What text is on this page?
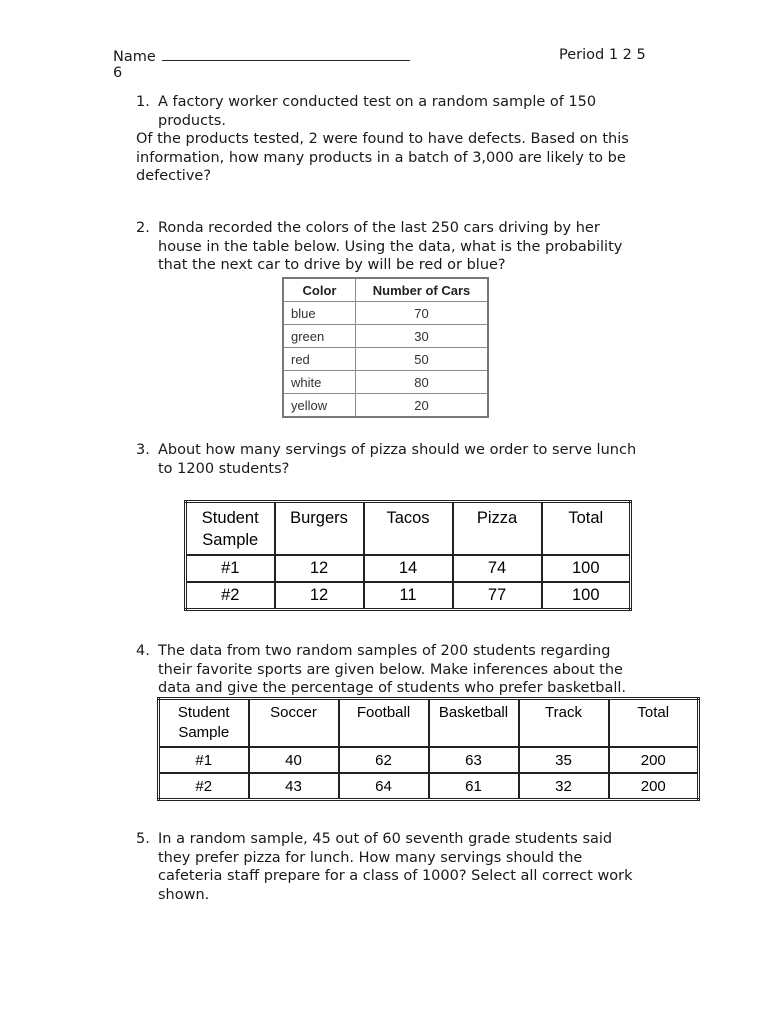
Name	Period 1 2 5
6
1. A factory worker conducted test on a random sample of 150
products.
Of the products tested, 2 were found to have defects. Based on this
information, how many products in a batch of 3,000 are likely to be
defective?
2. Ronda recorded the colors of the last 250 cars driving by her
house in the table below. Using the data, what is the probability
that the next car to drive by will be red or blue?
Color	Number of Cars
blue	70
green	30
red	50
white	80
yellow	20
3. About how many servings of pizza should we order to serve lunch
to 1200 students?
Student
Sample	Burgers	Tacos	Pizza	Total
#1	12	14	74	100
#2	12	11	77	100
4. The data from two random samples of 200 students regarding
their favorite sports are given below. Make inferences about the
data and give the percentage of students who prefer basketball.
Student
Sample	Soccer	Football	Basketball	Track	Total
#1	40	62	63	35	200
#2	43	64	61	32	200
5. In a random sample, 45 out of 60 seventh grade students said
they prefer pizza for lunch. How many servings should the
cafeteria staff prepare for a class of 1000? Select all correct work
shown.
